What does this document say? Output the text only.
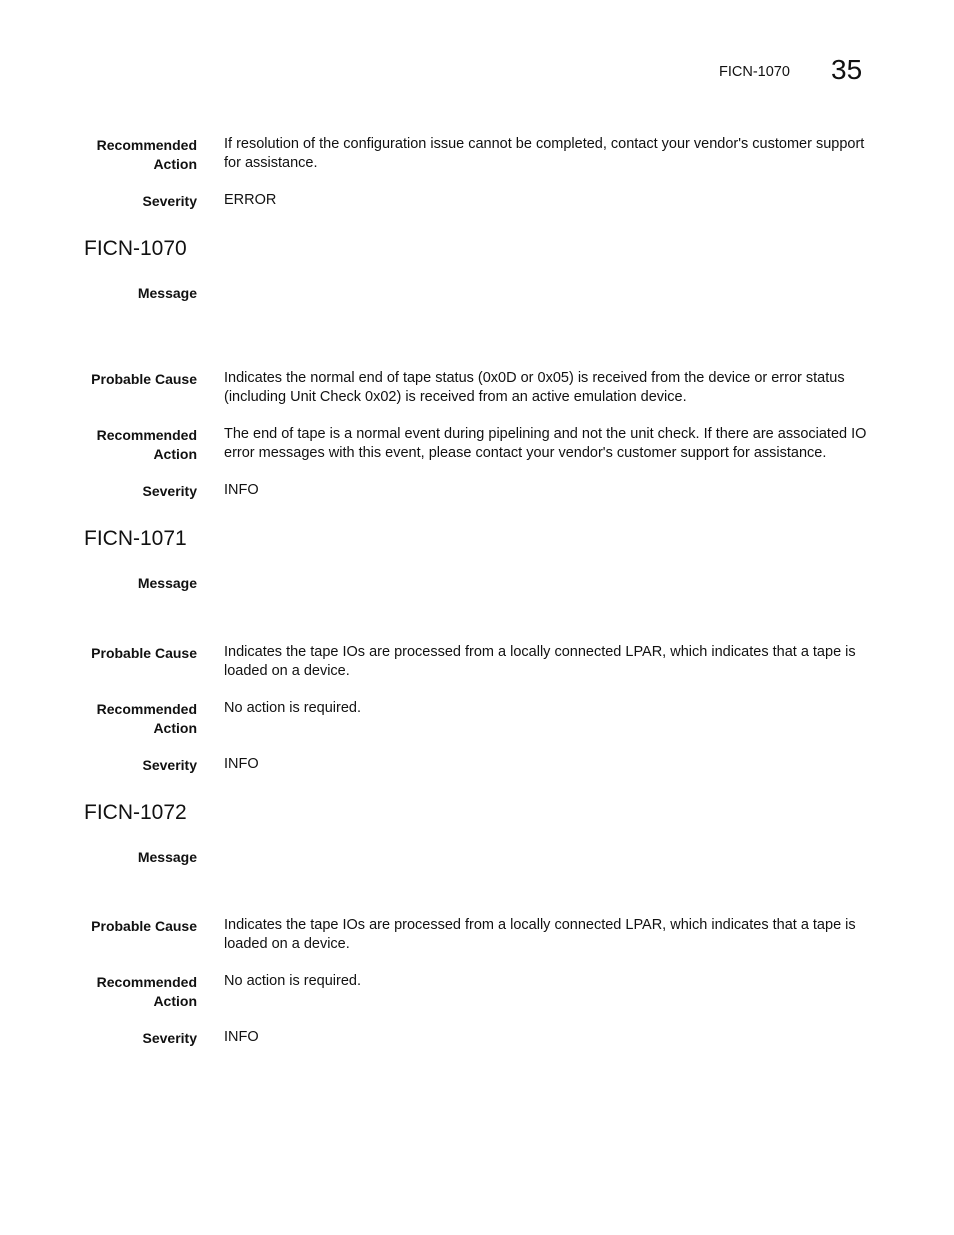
FICN-1070 35
Recommended
Action
If resolution of the configuration issue cannot be completed, contact your vendor's customer support for assistance.
Severity ERROR
FICN-1070
Message
Probable Cause Indicates the normal end of tape status (0x0D or 0x05) is received from the device or error status (including Unit Check 0x02) is received from an active emulation device.
Recommended
Action
The end of tape is a normal event during pipelining and not the unit check. If there are associated IO error messages with this event, please contact your vendor's customer support for assistance.
Severity INFO
FICN-1071
Message
Probable Cause Indicates the tape IOs are processed from a locally connected LPAR, which indicates that a tape is loaded on a device.
Recommended
Action
No action is required.
Severity INFO
FICN-1072
Message
Probable Cause Indicates the tape IOs are processed from a locally connected LPAR, which indicates that a tape is loaded on a device.
Recommended
Action
No action is required.
Severity INFO
